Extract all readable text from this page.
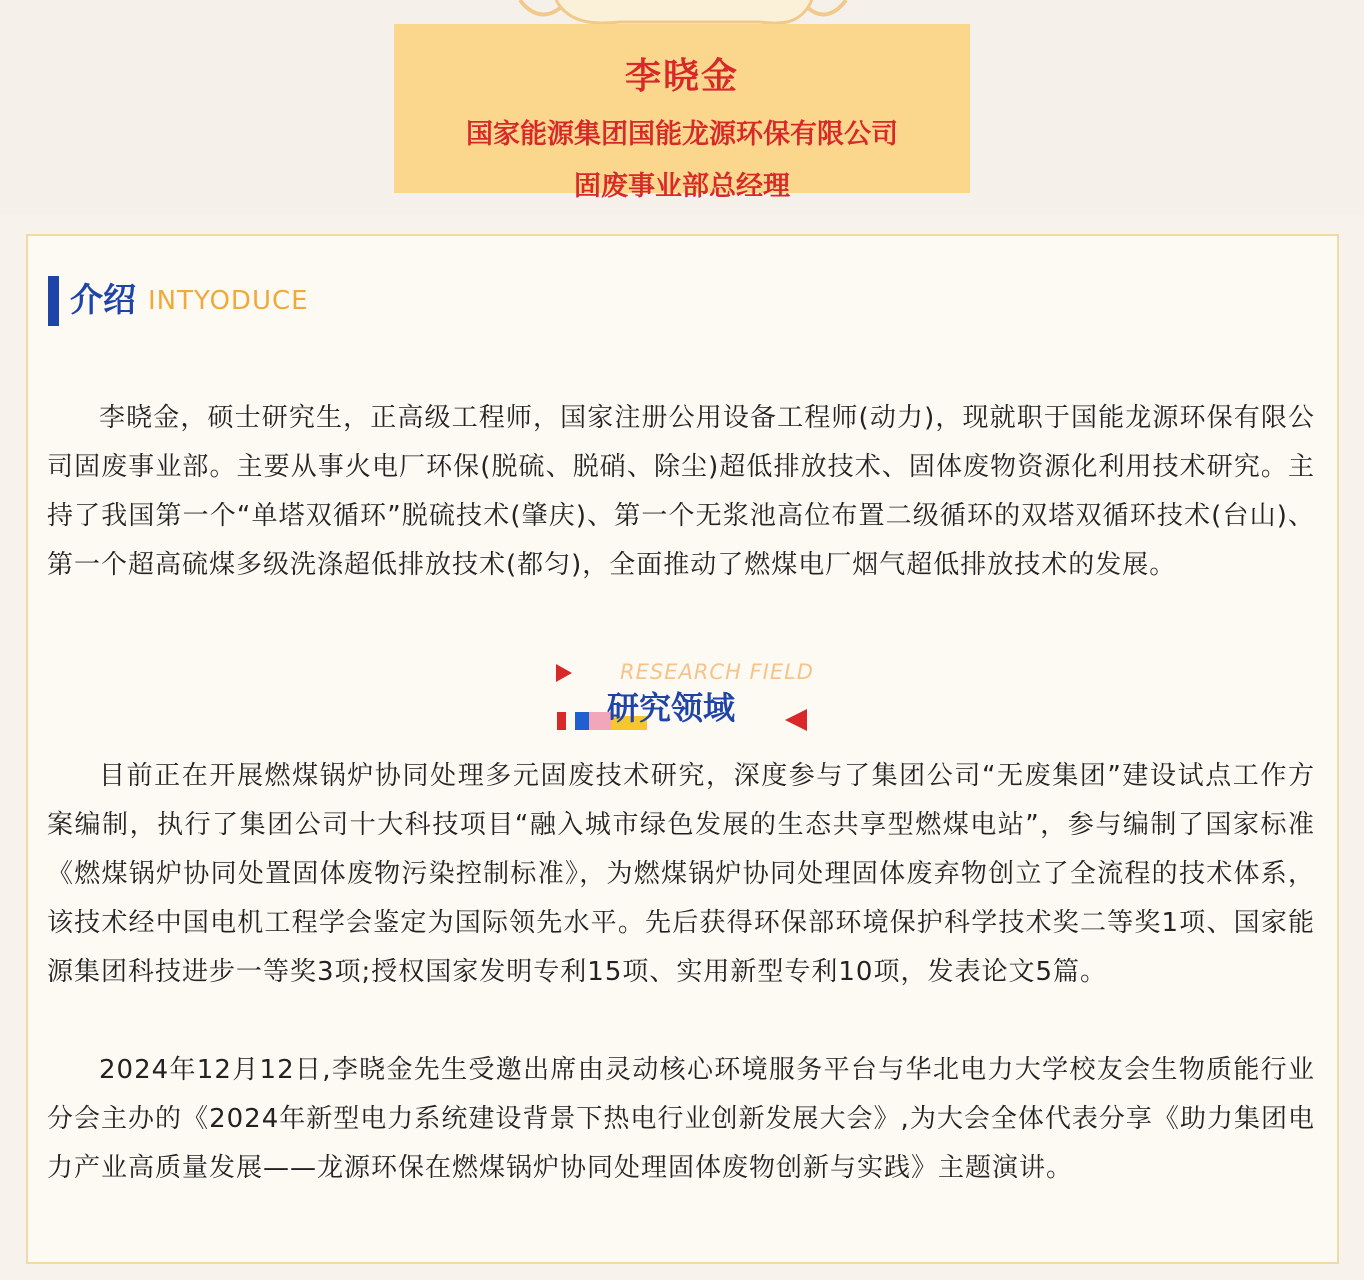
李晓金
国家能源集团国能龙源环保有限公司
固废事业部总经理
介绍 INTYODUCE

李晓金，硕士研究生，正高级工程师，国家注册公用设备工程师(动力)，现就职于国能龙源环保有限公司固废事业部。主要从事火电厂环保(脱硫、脱硝、除尘)超低排放技术、固体废物资源化利用技术研究。主持了我国第一个“单塔双循环”脱硫技术(肇庆)、第一个无浆池高位布置二级循环的双塔双循环技术(台山)、第一个超高硫煤多级洗涤超低排放技术(都匀)，全面推动了燃煤电厂烟气超低排放技术的发展。

RESEARCH FIELD
研究领域

目前正在开展燃煤锅炉协同处理多元固废技术研究，深度参与了集团公司“无废集团”建设试点工作方案编制，执行了集团公司十大科技项目“融入城市绿色发展的生态共享型燃煤电站”，参与编制了国家标准《燃煤锅炉协同处置固体废物污染控制标准》，为燃煤锅炉协同处理固体废弃物创立了全流程的技术体系，该技术经中国电机工程学会鉴定为国际领先水平。先后获得环保部环境保护科学技术奖二等奖1项、国家能源集团科技进步一等奖3项;授权国家发明专利15项、实用新型专利10项，发表论文5篇。

2024年12月12日,李晓金先生受邀出席由灵动核心环境服务平台与华北电力大学校友会生物质能行业分会主办的《2024年新型电力系统建设背景下热电行业创新发展大会》,为大会全体代表分享《助力集团电力产业高质量发展——龙源环保在燃煤锅炉协同处理固体废物创新与实践》主题演讲。
